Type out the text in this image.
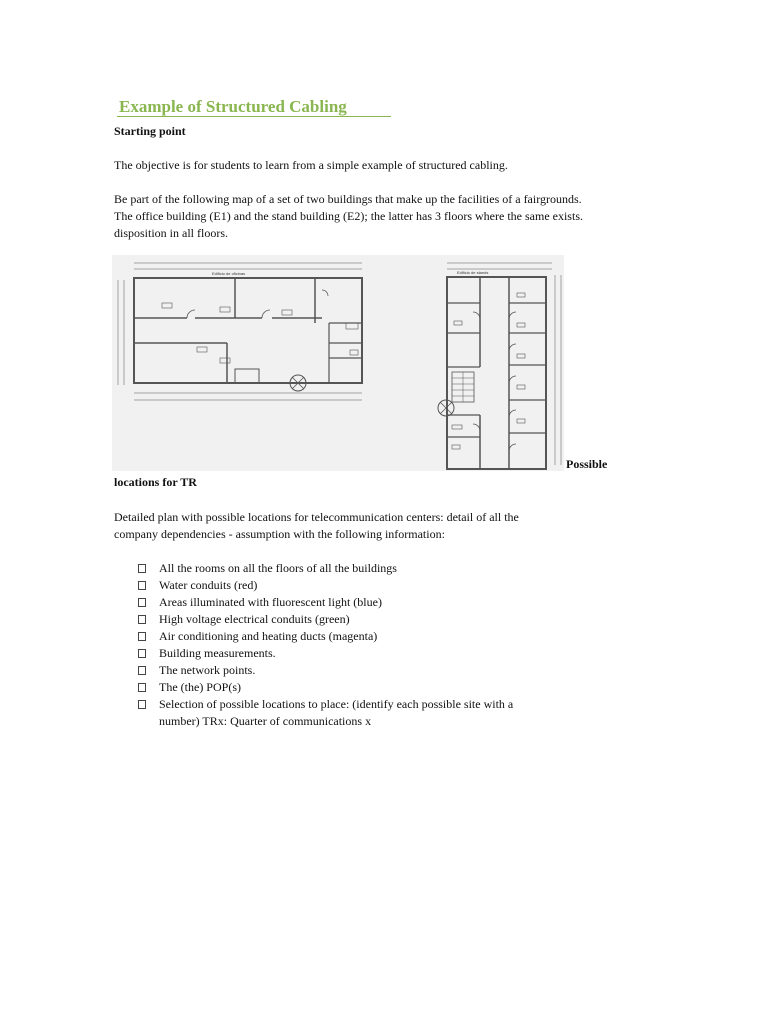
Example of Structured Cabling

Starting point

The objective is for students to learn from a simple example of structured cabling.

Be part of the following map of a set of two buildings that make up the facilities of a fairgrounds.

The office building (E1) and the stand building (E2); the latter has 3 floors where the same exists.

disposition in all floors.

Edificio de oficinas	Edificio de stands
Possible
locations for TR

Detailed plan with possible locations for telecommunication centers: detail of all the

company dependencies - assumption with the following information:

All the rooms on all the floors of all the buildings
Water conduits (red)
Areas illuminated with fluorescent light (blue)
High voltage electrical conduits (green)
Air conditioning and heating ducts (magenta)
Building measurements.
The network points.
The (the) POP(s)
Selection of possible locations to place: (identify each possible site with a
number) TRx: Quarter of communications x
